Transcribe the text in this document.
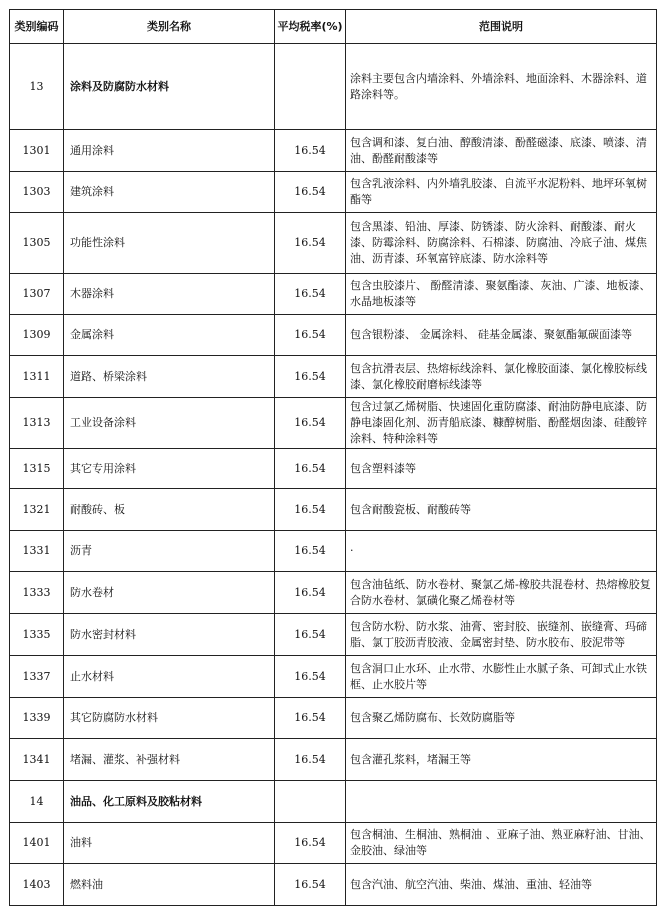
类别编码	类别名称	平均税率(%)	范围说明
13	涂料及防腐防水材料		涂料主要包含内墙涂料、外墙涂料、地面涂料、木器涂料、道路涂料等。
1301	通用涂料	16.54	包含调和漆、复白油、醇酸清漆、酚醛磁漆、底漆、喷漆、清油、酚醛耐酸漆等
1303	建筑涂料	16.54	包含乳液涂料、内外墙乳胶漆、自流平水泥粉料、地坪环氧树酯等
1305	功能性涂料	16.54	包含黑漆、铅油、厚漆、防锈漆、防火涂料、耐酸漆、耐火漆、防霉涂料、防腐涂料、石棉漆、防腐油、冷底子油、煤焦油、沥青漆、环氧富锌底漆、防水涂料等
1307	木器涂料	16.54	包含虫胶漆片、 酚醛清漆、聚氨酯漆、灰油、广漆、地板漆、水晶地板漆等
1309	金属涂料	16.54	包含银粉漆、 金属涂料、 硅基金属漆、聚氨酯氟碳面漆等
1311	道路、桥梁涂料	16.54	包含抗滑表层、热熔标线涂料、氯化橡胶面漆、氯化橡胶标线漆、氯化橡胶耐磨标线漆等
1313	工业设备涂料	16.54	包含过氯乙烯树脂、快速固化重防腐漆、耐油防静电底漆、防静电漆固化剂、沥青船底漆、糠醇树脂、酚醛烟囱漆、硅酸锌涂料、特种涂料等
1315	其它专用涂料	16.54	包含塑料漆等
1321	耐酸砖、板	16.54	包含耐酸瓷板、耐酸砖等
1331	沥青	16.54	·
1333	防水卷材	16.54	包含油毡纸、防水卷材、聚氯乙烯-橡胶共混卷材、热熔橡胶复合防水卷材、氯磺化聚乙烯卷材等
1335	防水密封材料	16.54	包含防水粉、防水浆、油膏、密封胶、嵌缝剂、嵌缝膏、玛碲脂、氯丁胶沥青胶液、金属密封垫、防水胶布、胶泥带等
1337	止水材料	16.54	包含洞口止水环、止水带、水膨性止水腻子条、可卸式止水铁框、止水胶片等
1339	其它防腐防水材料	16.54	包含聚乙烯防腐布、长效防腐脂等
1341	堵漏、灌浆、补强材料	16.54	包含灌孔浆料，堵漏王等
14	油品、化工原料及胶粘材料		
1401	油料	16.54	包含桐油、生桐油、熟桐油 、亚麻子油、熟亚麻籽油、甘油、金胶油、绿油等
1403	燃料油	16.54	包含汽油、航空汽油、柴油、煤油、重油、轻油等
